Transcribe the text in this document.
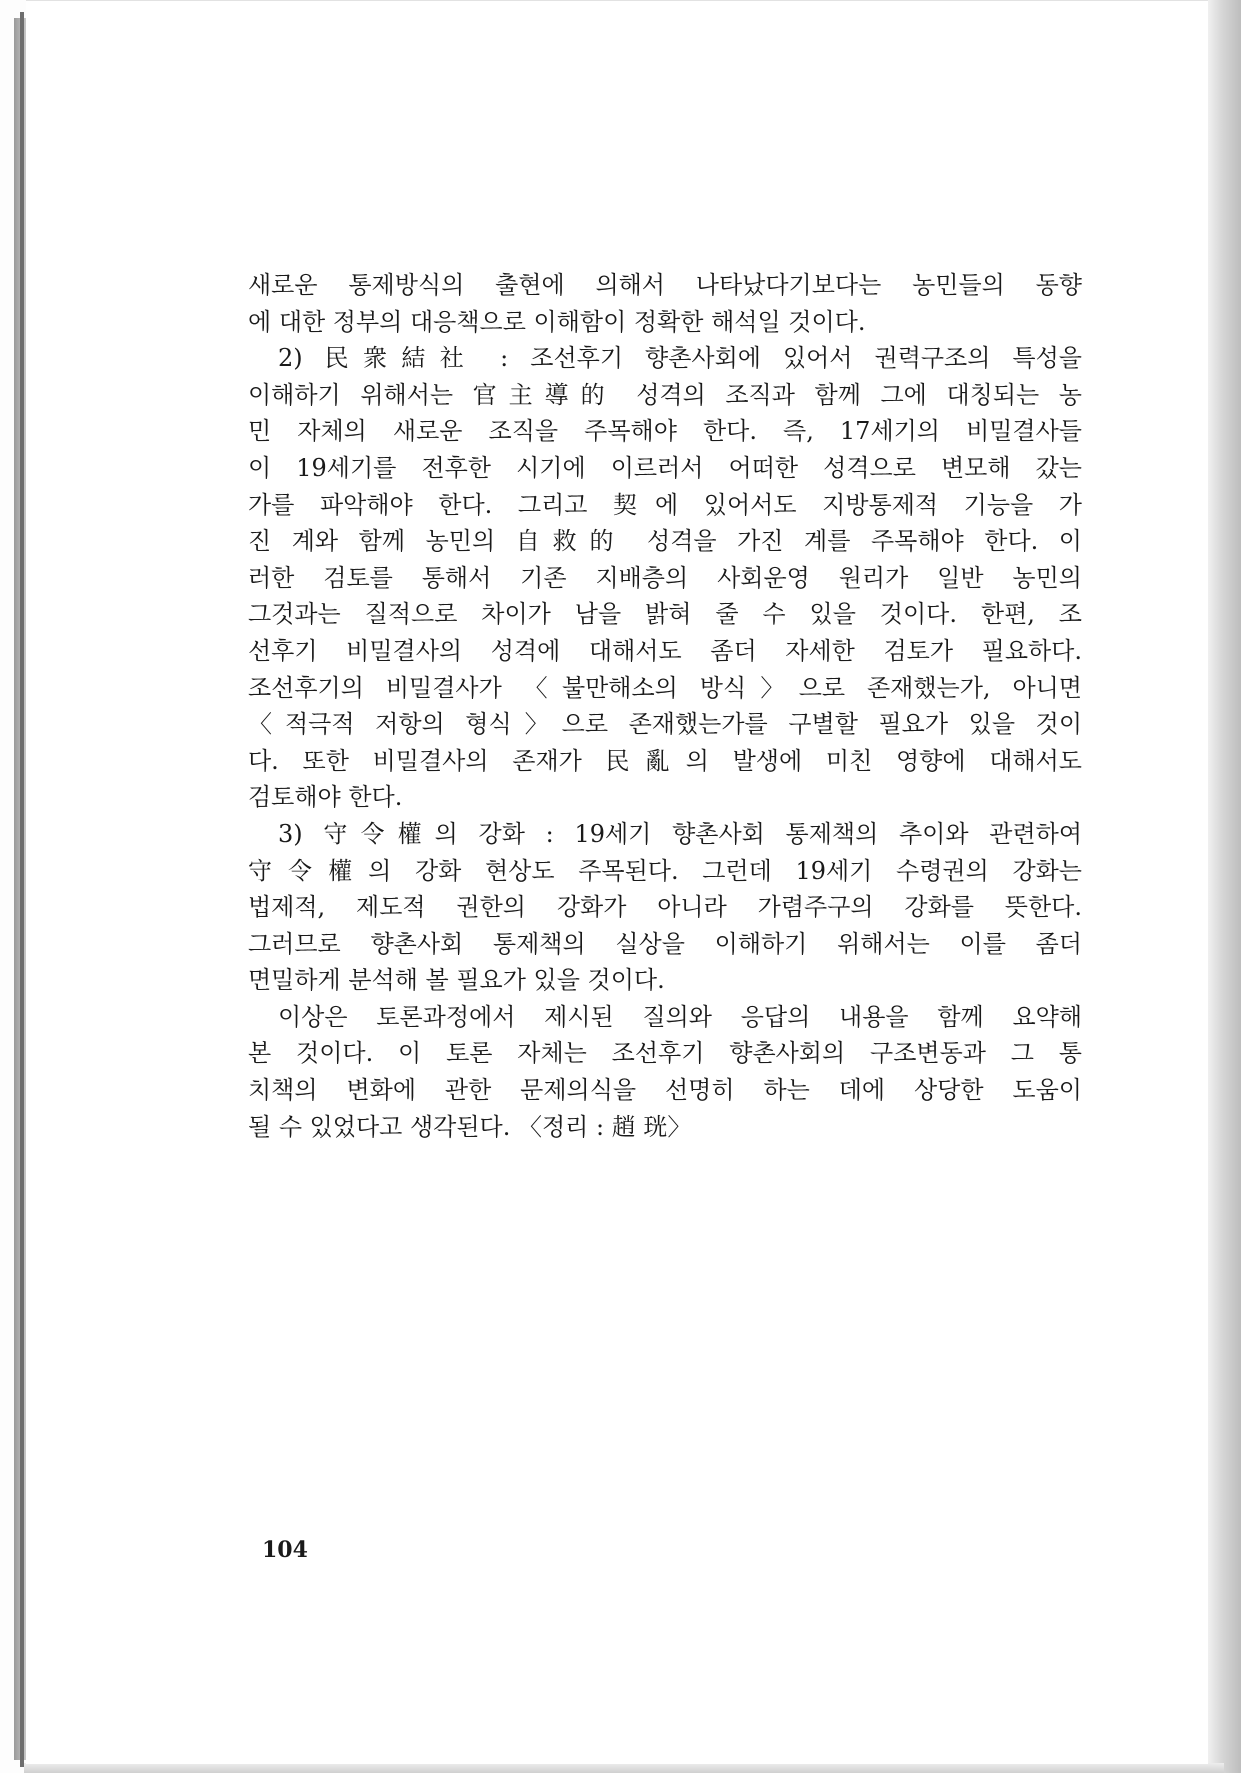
새로운 통제방식의 출현에 의해서 나타났다기보다는 농민들의 동향
에 대한 정부의 대응책으로 이해함이 정확한 해석일 것이다.
2) 民衆結社 : 조선후기 향촌사회에 있어서 권력구조의 특성을
이해하기 위해서는 官主導的 성격의 조직과 함께 그에 대칭되는 농
민 자체의 새로운 조직을 주목해야 한다. 즉, 17세기의 비밀결사들
이 19세기를 전후한 시기에 이르러서 어떠한 성격으로 변모해 갔는
가를 파악해야 한다. 그리고 契에 있어서도 지방통제적 기능을 가
진 계와 함께 농민의 自救的 성격을 가진 계를 주목해야 한다. 이
러한 검토를 통해서 기존 지배층의 사회운영 원리가 일반 농민의
그것과는 질적으로 차이가 남을 밝혀 줄 수 있을 것이다. 한편, 조
선후기 비밀결사의 성격에 대해서도 좀더 자세한 검토가 필요하다.
조선후기의 비밀결사가 〈불만해소의 방식〉으로 존재했는가, 아니면
〈적극적 저항의 형식〉으로 존재했는가를 구별할 필요가 있을 것이
다. 또한 비밀결사의 존재가 民亂의 발생에 미친 영향에 대해서도
검토해야 한다.
3) 守令權의 강화 : 19세기 향촌사회 통제책의 추이와 관련하여
守令權의 강화 현상도 주목된다. 그런데 19세기 수령권의 강화는
법제적, 제도적 권한의 강화가 아니라 가렴주구의 강화를 뜻한다.
그러므로 향촌사회 통제책의 실상을 이해하기 위해서는 이를 좀더
면밀하게 분석해 볼 필요가 있을 것이다.
이상은 토론과정에서 제시된 질의와 응답의 내용을 함께 요약해
본 것이다. 이 토론 자체는 조선후기 향촌사회의 구조변동과 그 통
치책의 변화에 관한 문제의식을 선명히 하는 데에 상당한 도움이
될 수 있었다고 생각된다. 〈정리 : 趙 珖〉
104
